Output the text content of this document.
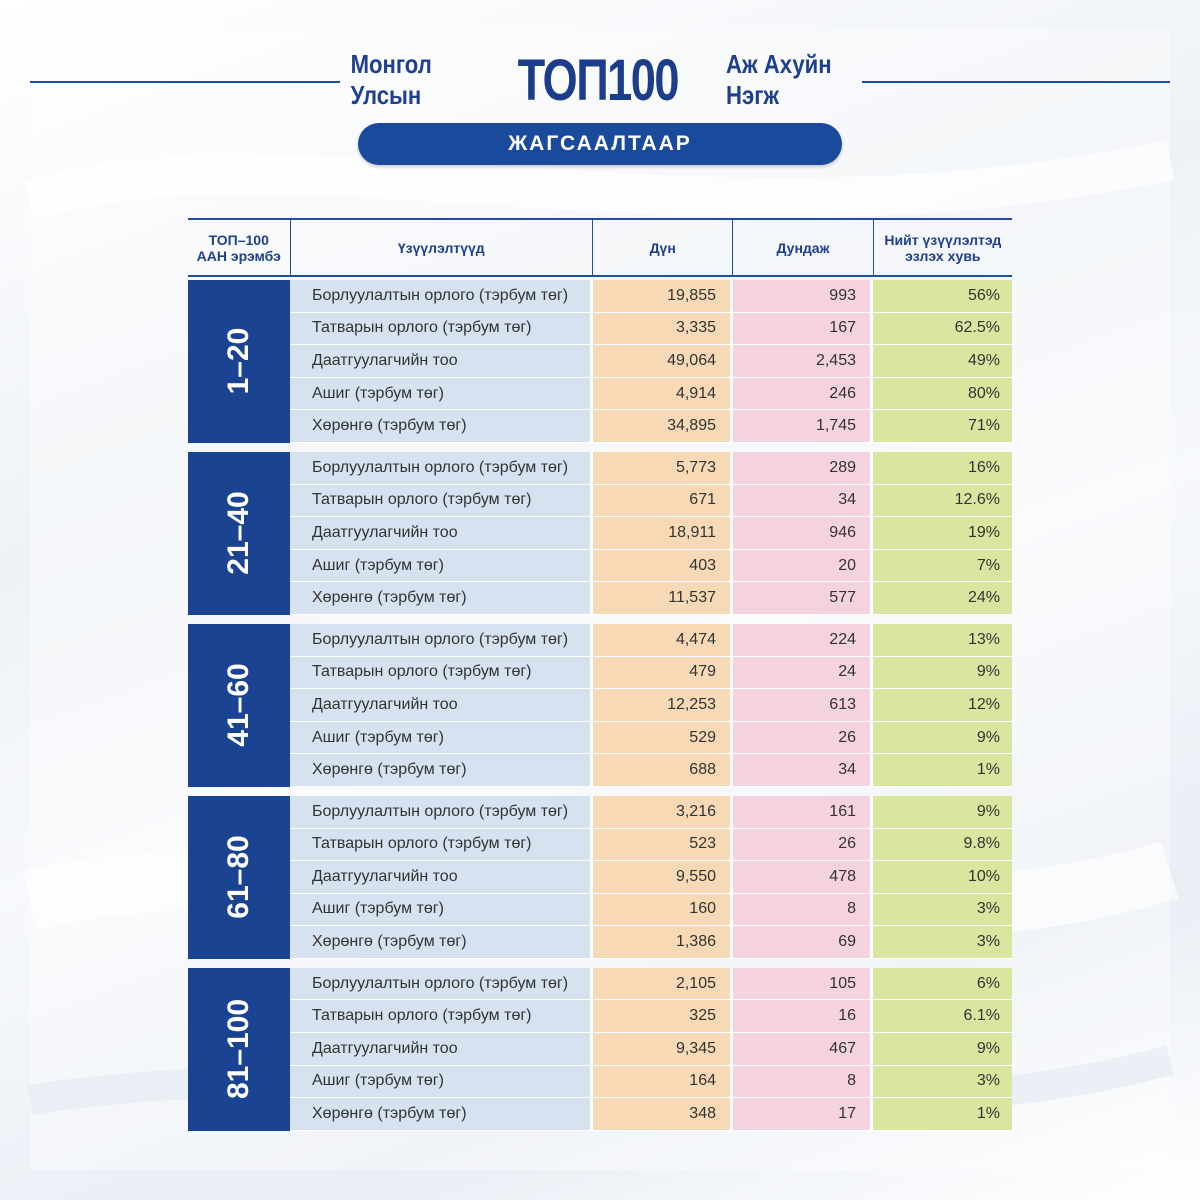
Монгол Улсын	ТОП100 Аж Ахуйн Нэгж
ЖАГСААЛТААР
ТОП–100
ААН эрэмбэ	Үзүүлэлтүүд	Дүн	Дундаж	Нийт үзүүлэлтэд
эзлэх хувь
1–20
Борлуулалтын орлого (тэрбум төг)	19,855	993	56%
Татварын орлого (тэрбум төг)	3,335	167	62.5%
Даатгуулагчийн тоо	49,064	2,453	49%
Ашиг (тэрбум төг)	4,914	246	80%
Хөрөнгө (тэрбум төг)	34,895	1,745	71%
21–40
Борлуулалтын орлого (тэрбум төг)	5,773	289	16%
Татварын орлого (тэрбум төг)	671	34	12.6%
Даатгуулагчийн тоо	18,911	946	19%
Ашиг (тэрбум төг)	403	20	7%
Хөрөнгө (тэрбум төг)	11,537	577	24%
41–60
Борлуулалтын орлого (тэрбум төг)	4,474	224	13%
Татварын орлого (тэрбум төг)	479	24	9%
Даатгуулагчийн тоо	12,253	613	12%
Ашиг (тэрбум төг)	529	26	9%
Хөрөнгө (тэрбум төг)	688	34	1%
61–80
Борлуулалтын орлого (тэрбум төг)	3,216	161	9%
Татварын орлого (тэрбум төг)	523	26	9.8%
Даатгуулагчийн тоо	9,550	478	10%
Ашиг (тэрбум төг)	160	8	3%
Хөрөнгө (тэрбум төг)	1,386	69	3%
81–100
Борлуулалтын орлого (тэрбум төг)	2,105	105	6%
Татварын орлого (тэрбум төг)	325	16	6.1%
Даатгуулагчийн тоо	9,345	467	9%
Ашиг (тэрбум төг)	164	8	3%
Хөрөнгө (тэрбум төг)	348	17	1%
